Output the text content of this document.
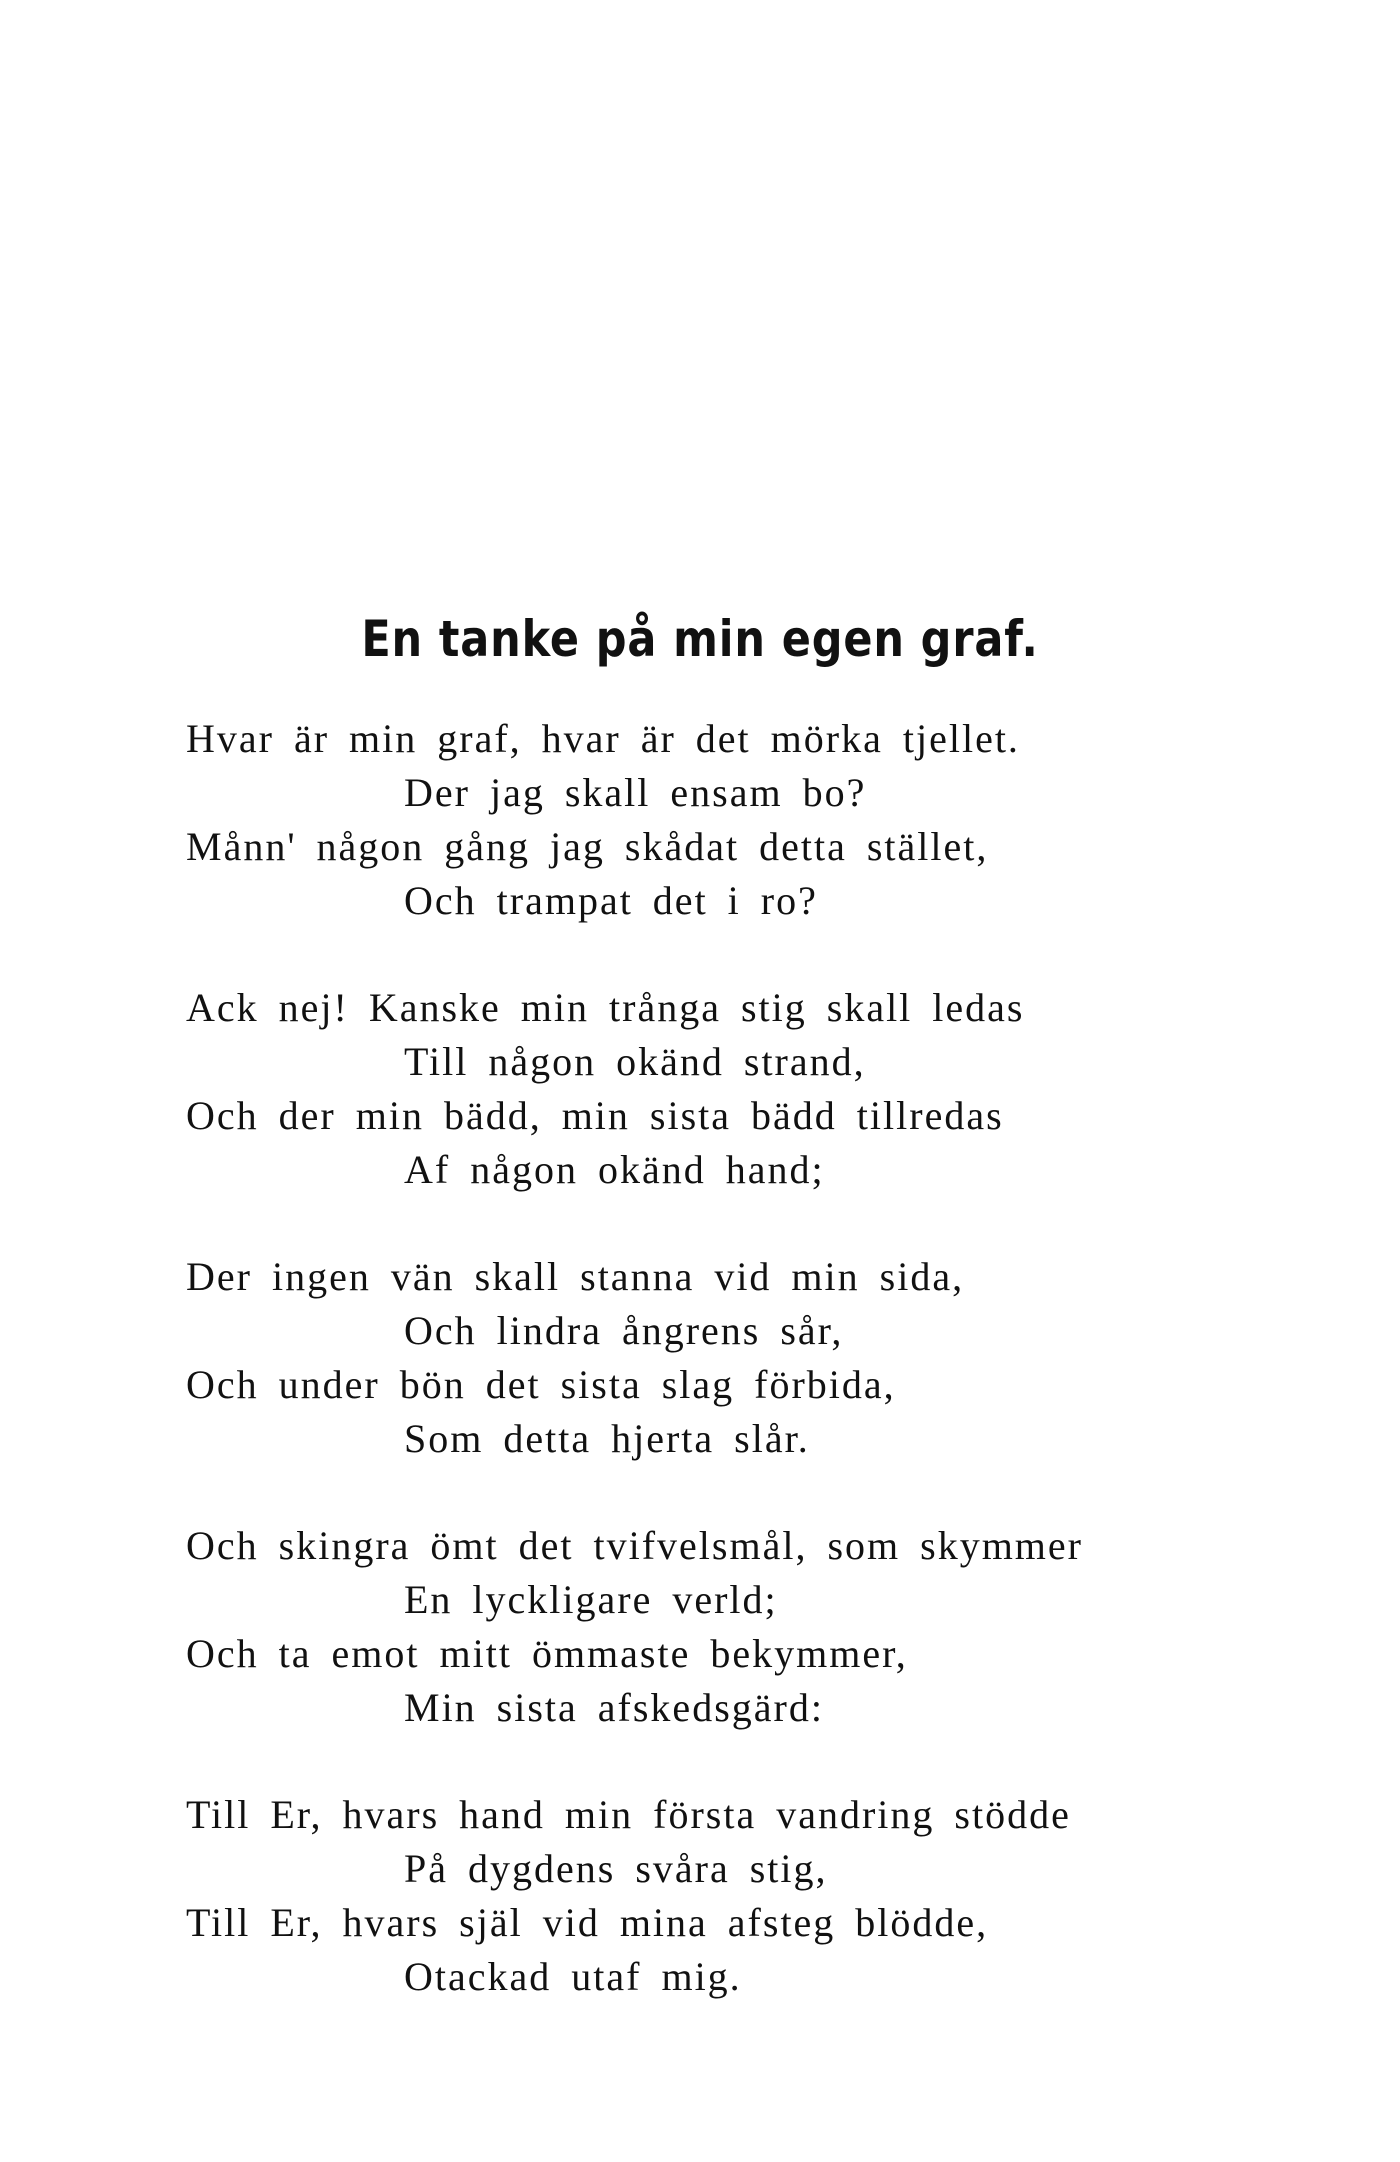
En tanke på min egen graf.
Hvar är min graf, hvar är det mörka tjellet.
Der jag skall ensam bo?
Månn' någon gång jag skådat detta stället,
Och trampat det i ro?
Ack nej! Kanske min trånga stig skall ledas
Till någon okänd strand,
Och der min bädd, min sista bädd tillredas
Af någon okänd hand;
Der ingen vän skall stanna vid min sida,
Och lindra ångrens sår,
Och under bön det sista slag förbida,
Som detta hjerta slår.
Och skingra ömt det tvifvelsmål, som skymmer
En lyckligare verld;
Och ta emot mitt ömmaste bekymmer,
Min sista afskedsgärd:
Till Er, hvars hand min första vandring stödde
På dygdens svåra stig,
Till Er, hvars själ vid mina afsteg blödde,
Otackad utaf mig.
